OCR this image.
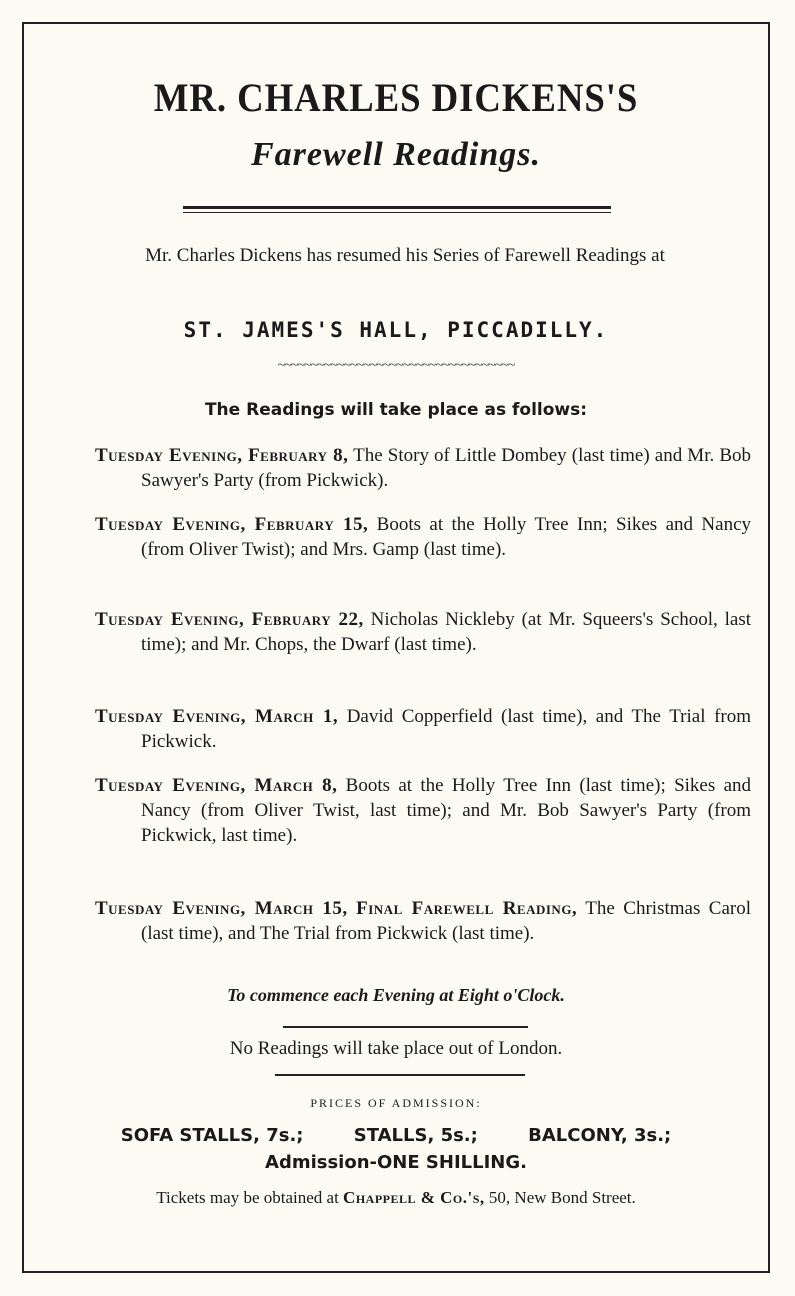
MR. CHARLES DICKENS'S
Farewell Readings.
Mr. Charles Dickens has resumed his Series of Farewell Readings at
ST. JAMES'S HALL, PICCADILLY.
~~~~~~~~~~~~~~~~~~~~~~~~~~~~~~~~~~~~
The Readings will take place as follows:
Tuesday Evening, February 8, The Story of Little Dombey (last time) and Mr. Bob Sawyer's Party (from Pickwick).
Tuesday Evening, February 15, Boots at the Holly Tree Inn; Sikes and Nancy (from Oliver Twist); and Mrs. Gamp (last time).
Tuesday Evening, February 22, Nicholas Nickleby (at Mr. Squeers's School, last time); and Mr. Chops, the Dwarf (last time).
Tuesday Evening, March 1, David Copperfield (last time), and The Trial from Pickwick.
Tuesday Evening, March 8, Boots at the Holly Tree Inn (last time); Sikes and Nancy (from Oliver Twist, last time); and Mr. Bob Sawyer's Party (from Pickwick, last time).
Tuesday Evening, March 15, Final Farewell Reading, The Christmas Carol (last time), and The Trial from Pickwick (last time).
To commence each Evening at Eight o'Clock.
No Readings will take place out of London.
PRICES OF ADMISSION:
SOFA STALLS, 7s.;	STALLS, 5s.;	BALCONY, 3s.;
Admission-ONE SHILLING.
Tickets may be obtained at Chappell & Co.'s, 50, New Bond Street.
